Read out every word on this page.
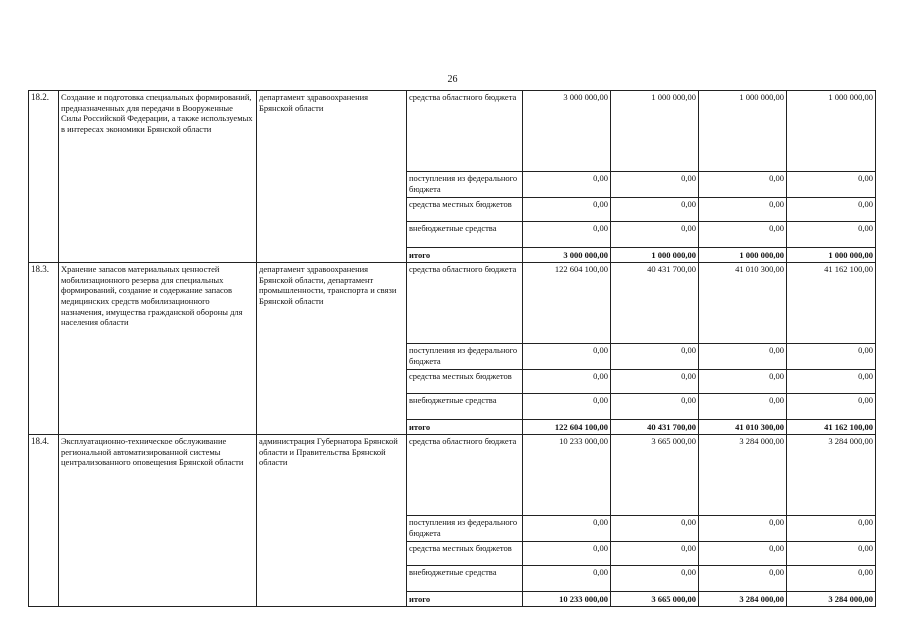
26
18.2.	Создание и подготовка специальных формирований, предназначенных для передачи в Вооруженные Силы Российской Федерации, а также используемых в интересах экономики Брянской области	департамент здравоохранения Брянской области	средства областного бюджета	3 000 000,00	1 000 000,00	1 000 000,00	1 000 000,00
			поступления из федерального бюджета	0,00	0,00	0,00	0,00
			средства местных бюджетов	0,00	0,00	0,00	0,00
			внебюджетные средства	0,00	0,00	0,00	0,00
			итого	3 000 000,00	1 000 000,00	1 000 000,00	1 000 000,00
18.3.	Хранение запасов материальных ценностей мобилизационного резерва для специальных формирований, создание и содержание запасов медицинских средств мобилизационного назначения, имущества гражданской обороны для населения области	департамент здравоохранения Брянской области, департамент промышленности, транспорта и связи Брянской области	средства областного бюджета	122 604 100,00	40 431 700,00	41 010 300,00	41 162 100,00
			поступления из федерального бюджета	0,00	0,00	0,00	0,00
			средства местных бюджетов	0,00	0,00	0,00	0,00
			внебюджетные средства	0,00	0,00	0,00	0,00
			итого	122 604 100,00	40 431 700,00	41 010 300,00	41 162 100,00
18.4.	Эксплуатационно-техническое обслуживание региональной автоматизированной системы централизованного оповещения Брянской области	администрация Губернатора Брянской области и Правительства Брянской области	средства областного бюджета	10 233 000,00	3 665 000,00	3 284 000,00	3 284 000,00
			поступления из федерального бюджета	0,00	0,00	0,00	0,00
			средства местных бюджетов	0,00	0,00	0,00	0,00
			внебюджетные средства	0,00	0,00	0,00	0,00
			итого	10 233 000,00	3 665 000,00	3 284 000,00	3 284 000,00
